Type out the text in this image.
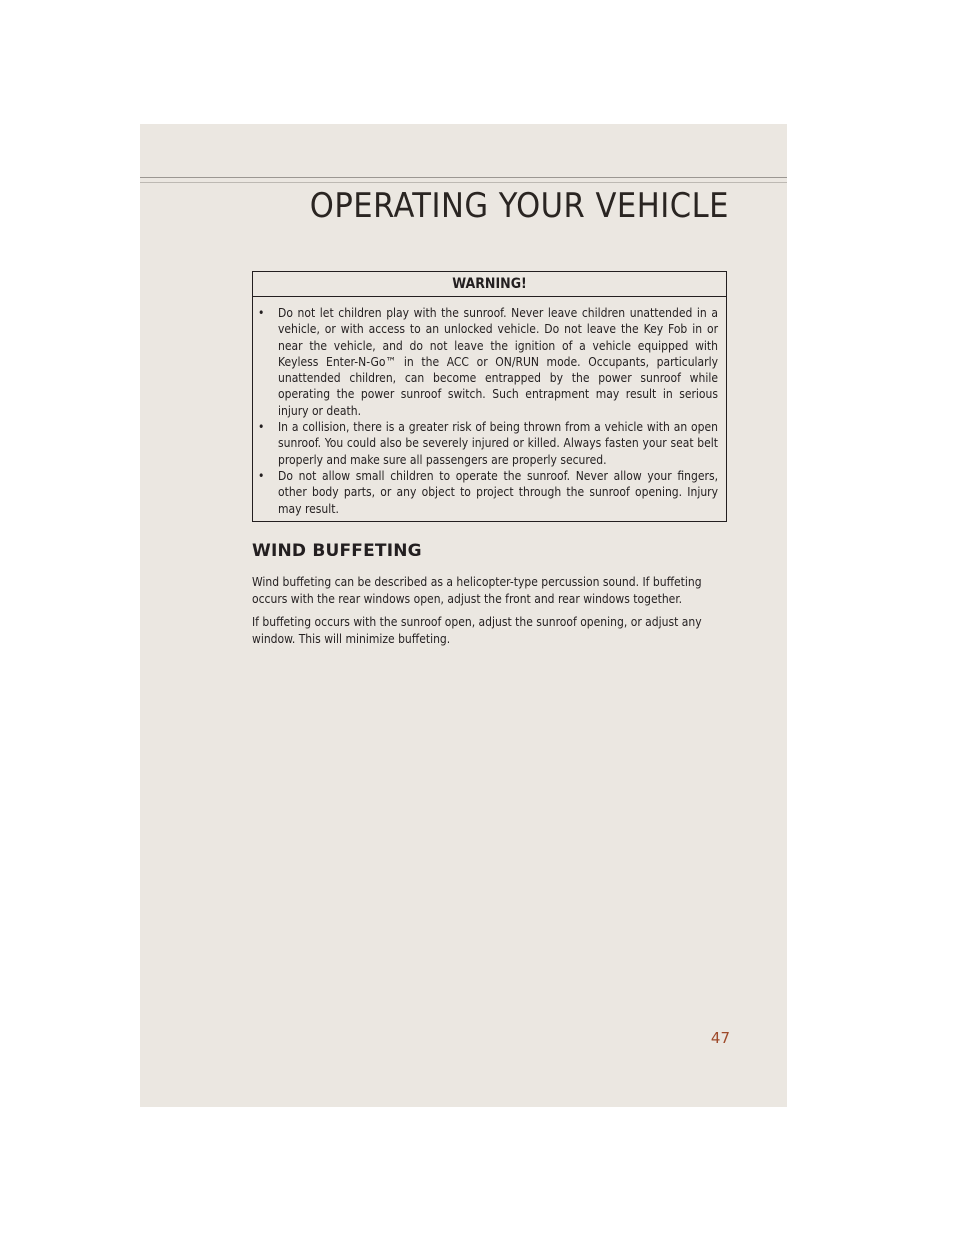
OPERATING YOUR VEHICLE
WARNING!
• Do not let children play with the sunroof. Never leave children unattended in a vehicle, or with access to an unlocked vehicle. Do not leave the Key Fob in or near the vehicle, and do not leave the ignition of a vehicle equipped with Keyless Enter-N-Go™ in the ACC or ON/RUN mode. Occupants, particularly unattended children, can become entrapped by the power sunroof while operating the power sunroof switch. Such entrapment may result in serious injury or death.
• In a collision, there is a greater risk of being thrown from a vehicle with an open sunroof. You could also be severely injured or killed. Always fasten your seat belt properly and make sure all passengers are properly secured.
• Do not allow small children to operate the sunroof. Never allow your fingers, other body parts, or any object to project through the sunroof opening. Injury may result.
WIND BUFFETING

Wind buffeting can be described as a helicopter-type percussion sound. If buffeting occurs with the rear windows open, adjust the front and rear windows together.

If buffeting occurs with the sunroof open, adjust the sunroof opening, or adjust any window. This will minimize buffeting.

47
